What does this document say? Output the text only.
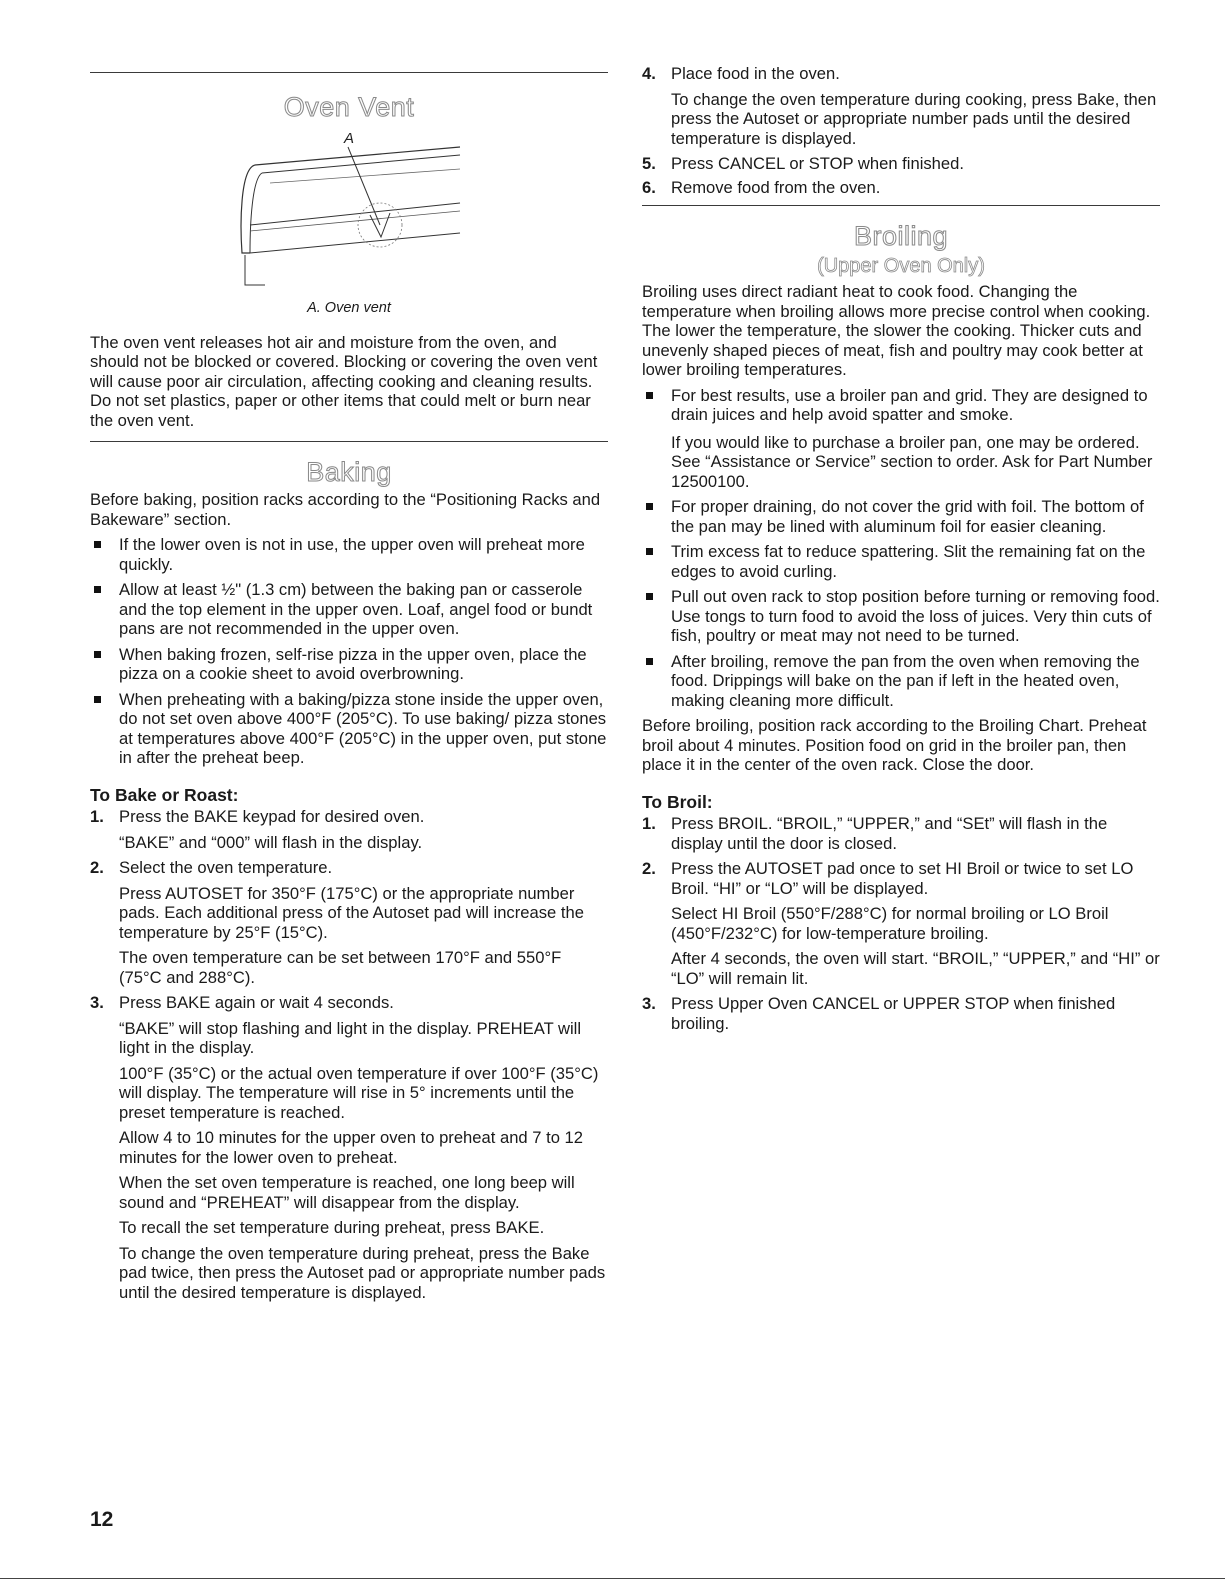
Oven Vent
A
A. Oven vent

The oven vent releases hot air and moisture from the oven, and should not be blocked or covered. Blocking or covering the oven vent will cause poor air circulation, affecting cooking and cleaning results. Do not set plastics, paper or other items that could melt or burn near the oven vent.

Baking

Before baking, position racks according to the “Positioning Racks and Bakeware” section.

If the lower oven is not in use, the upper oven will preheat more quickly.
Allow at least ½" (1.3 cm) between the baking pan or casserole and the top element in the upper oven. Loaf, angel food or bundt pans are not recommended in the upper oven.
When baking frozen, self-rise pizza in the upper oven, place the pizza on a cookie sheet to avoid overbrowning.
When preheating with a baking/pizza stone inside the upper oven, do not set oven above 400°F (205°C). To use baking/ pizza stones at temperatures above 400°F (205°C) in the upper oven, put stone in after the preheat beep.
To Bake or Roast:
1. Press the BAKE keypad for desired oven.
“BAKE” and “000” will flash in the display.
2. Select the oven temperature.
Press AUTOSET for 350°F (175°C) or the appropriate number pads. Each additional press of the Autoset pad will increase the temperature by 25°F (15°C).
The oven temperature can be set between 170°F and 550°F (75°C and 288°C).
3. Press BAKE again or wait 4 seconds.
“BAKE” will stop flashing and light in the display. PREHEAT will light in the display.
100°F (35°C) or the actual oven temperature if over 100°F (35°C) will display. The temperature will rise in 5° increments until the preset temperature is reached.
Allow 4 to 10 minutes for the upper oven to preheat and 7 to 12 minutes for the lower oven to preheat.
When the set oven temperature is reached, one long beep will sound and “PREHEAT” will disappear from the display.
To recall the set temperature during preheat, press BAKE.
To change the oven temperature during preheat, press the Bake pad twice, then press the Autoset pad or appropriate number pads until the desired temperature is displayed.
4. Place food in the oven.
To change the oven temperature during cooking, press Bake, then press the Autoset or appropriate number pads until the desired temperature is displayed.
5. Press CANCEL or STOP when finished.
6. Remove food from the oven.
Broiling
(Upper Oven Only)

Broiling uses direct radiant heat to cook food. Changing the temperature when broiling allows more precise control when cooking. The lower the temperature, the slower the cooking. Thicker cuts and unevenly shaped pieces of meat, fish and poultry may cook better at lower broiling temperatures.

For best results, use a broiler pan and grid. They are designed to drain juices and help avoid spatter and smoke.
If you would like to purchase a broiler pan, one may be ordered. See “Assistance or Service” section to order. Ask for Part Number 12500100.
For proper draining, do not cover the grid with foil. The bottom of the pan may be lined with aluminum foil for easier cleaning.
Trim excess fat to reduce spattering. Slit the remaining fat on the edges to avoid curling.
Pull out oven rack to stop position before turning or removing food. Use tongs to turn food to avoid the loss of juices. Very thin cuts of fish, poultry or meat may not need to be turned.
After broiling, remove the pan from the oven when removing the food. Drippings will bake on the pan if left in the heated oven, making cleaning more difficult.

Before broiling, position rack according to the Broiling Chart. Preheat broil about 4 minutes. Position food on grid in the broiler pan, then place it in the center of the oven rack. Close the door.

To Broil:
1. Press BROIL. “BROIL,” “UPPER,” and “SEt” will flash in the display until the door is closed.
2. Press the AUTOSET pad once to set HI Broil or twice to set LO Broil. “HI” or “LO” will be displayed.
Select HI Broil (550°F/288°C) for normal broiling or LO Broil (450°F/232°C) for low-temperature broiling.
After 4 seconds, the oven will start. “BROIL,” “UPPER,” and “HI” or “LO” will remain lit.
3. Press Upper Oven CANCEL or UPPER STOP when finished broiling.
12
